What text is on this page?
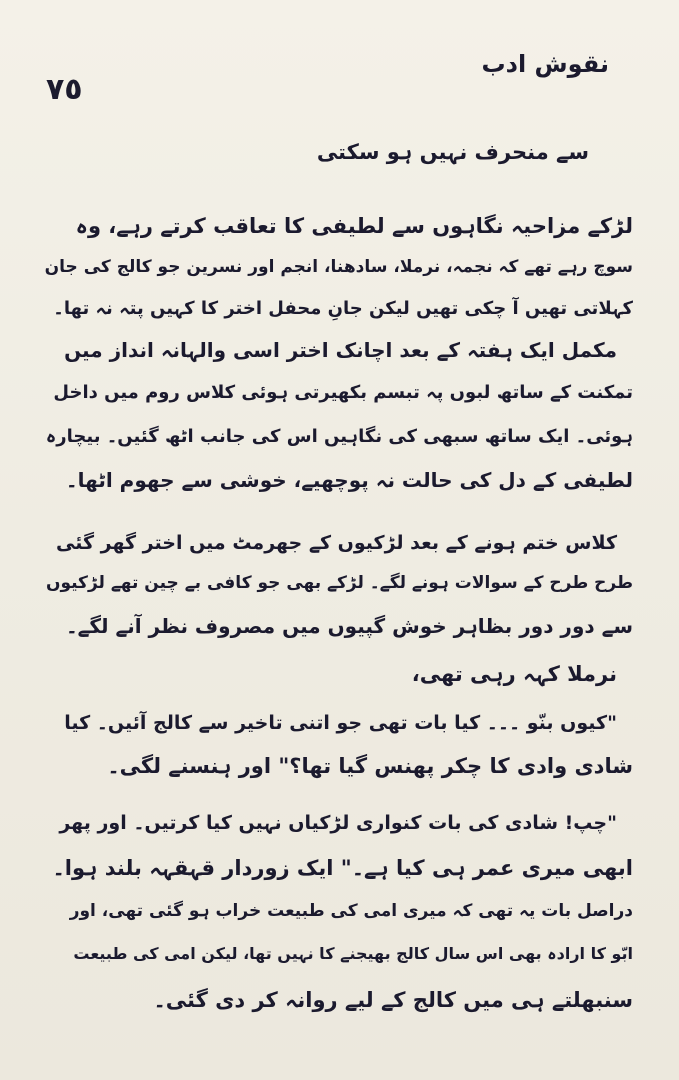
٧٥
نقوش ادب
سے منحرف نہیں ہو سکتی
لڑکے مزاحیہ نگاہوں سے لطیفی کا تعاقب کرتے رہے، وہ
سوچ رہے تھے کہ نجمہ، نرملا، سادھنا، انجم اور نسرین جو کالج کی جان
کہلاتی تھیں آ چکی تھیں لیکن جانِ محفل اختر کا کہیں پتہ نہ تھا۔
مکمل ایک ہفتہ کے بعد اچانک اختر اسی والہانہ انداز میں
تمکنت کے ساتھ لبوں پہ تبسم بکھیرتی ہوئی کلاس روم میں داخل
ہوئی۔ ایک ساتھ سبھی کی نگاہیں اس کی جانب اٹھ گئیں۔ بیچارہ
لطیفی کے دل کی حالت نہ پوچھیے، خوشی سے جھوم اٹھا۔
کلاس ختم ہونے کے بعد لڑکیوں کے جھرمٹ میں اختر گھر گئی
طرح طرح کے سوالات ہونے لگے۔ لڑکے بھی جو کافی بے چین تھے لڑکیوں
سے دور دور بظاہر خوش گپیوں میں مصروف نظر آنے لگے۔
نرملا کہہ رہی تھی،
"کیوں بنّو ۔۔۔ کیا بات تھی جو اتنی تاخیر سے کالج آئیں۔ کیا
شادی وادی کا چکر پھنس گیا تھا؟" اور ہنسنے لگی۔
"چپ! شادی کی بات کنواری لڑکیاں نہیں کیا کرتیں۔ اور پھر
ابھی میری عمر ہی کیا ہے۔" ایک زوردار قہقہہ بلند ہوا۔
دراصل بات یہ تھی کہ میری امی کی طبیعت خراب ہو گئی تھی، اور
ابّو کا ارادہ بھی اس سال کالج بھیجنے کا نہیں تھا، لیکن امی کی طبیعت
سنبھلتے ہی میں کالج کے لیے روانہ کر دی گئی۔
